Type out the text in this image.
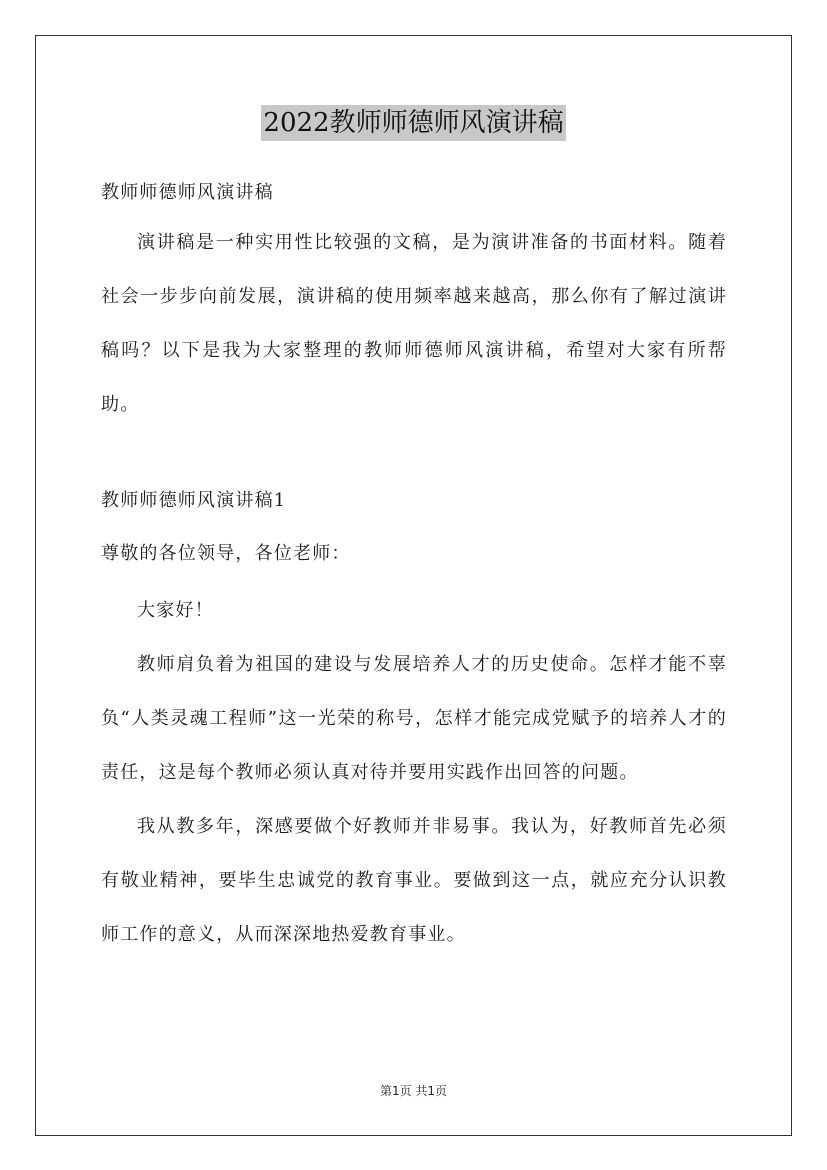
2022教师师德师风演讲稿
教师师德师风演讲稿

演讲稿是一种实用性比较强的文稿，是为演讲准备的书面材料。随着社会一步步向前发展，演讲稿的使用频率越来越高，那么你有了解过演讲稿吗？以下是我为大家整理的教师师德师风演讲稿，希望对大家有所帮助。

教师师德师风演讲稿1
尊敬的各位领导，各位老师：

大家好！

教师肩负着为祖国的建设与发展培养人才的历史使命。怎样才能不辜负“人类灵魂工程师”这一光荣的称号，怎样才能完成党赋予的培养人才的责任，这是每个教师必须认真对待并要用实践作出回答的问题。

我从教多年，深感要做个好教师并非易事。我认为，好教师首先必须有敬业精神，要毕生忠诚党的教育事业。要做到这一点，就应充分认识教师工作的意义，从而深深地热爱教育事业。

第1页 共1页
